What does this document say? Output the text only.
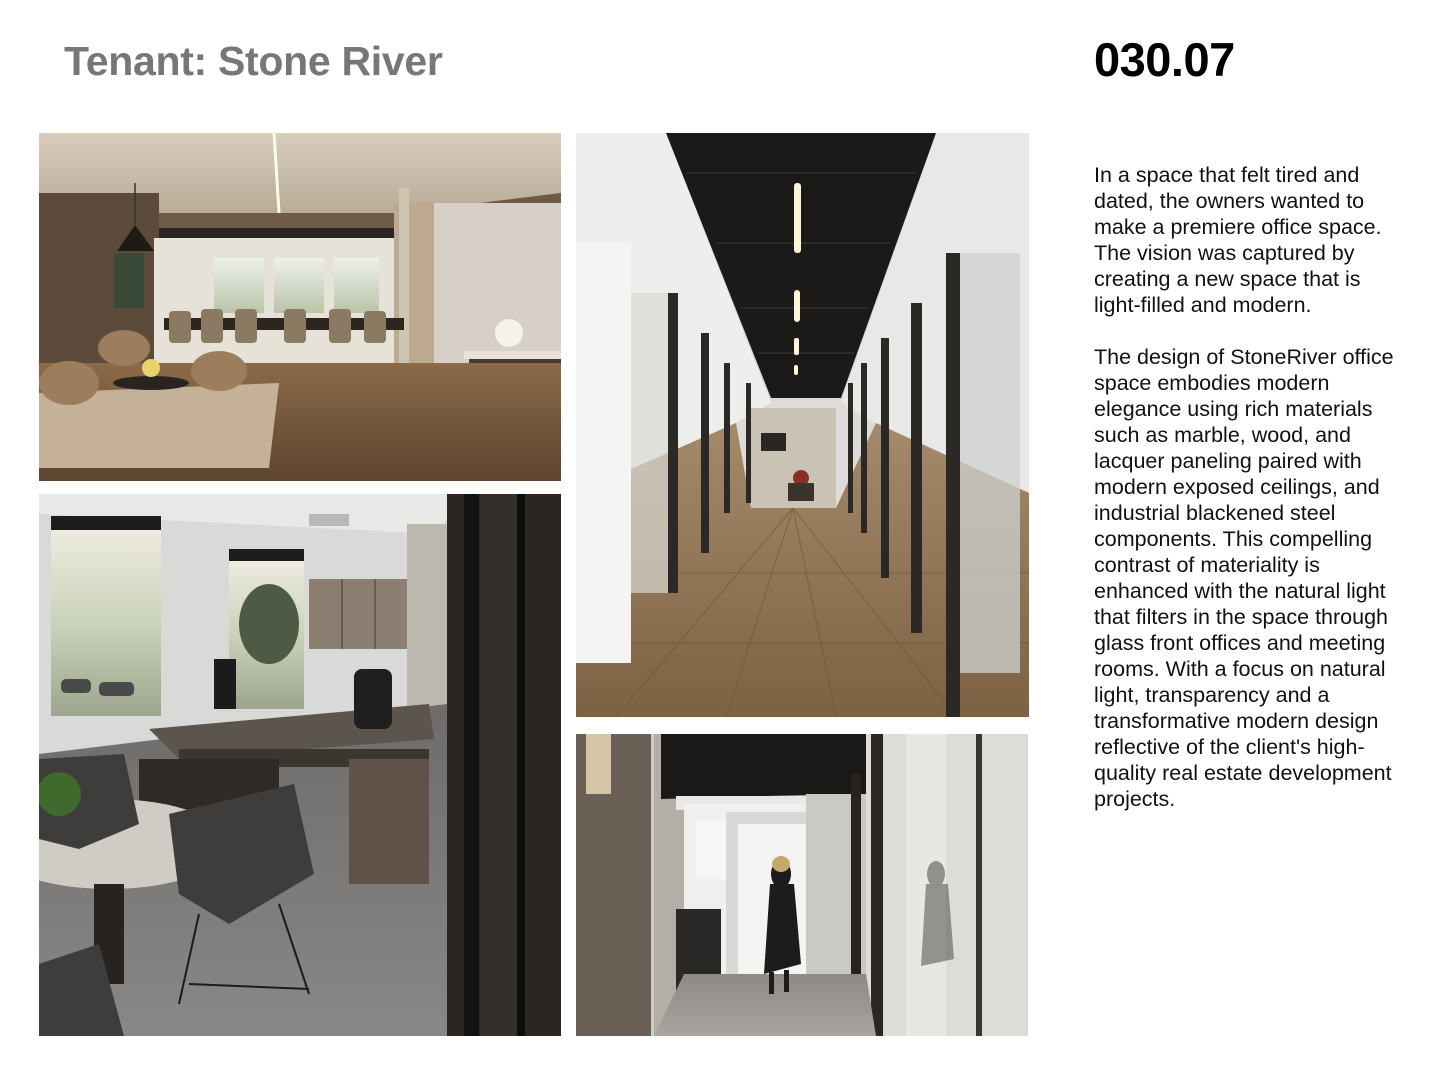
Tenant: Stone River	030.07

In a space that felt tired and dated, the owners wanted to make a premiere office space. The vision was captured by creating a new space that is light-filled and modern.

The design of StoneRiver office space embodies modern elegance using rich materials such as marble, wood, and lacquer paneling paired with modern exposed ceilings, and industrial blackened steel components. This compelling contrast of materiality is enhanced with the natural light that filters in the space through glass front offices and meeting rooms. With a focus on natural light, transparency and a transformative modern design reflective of the client's high-quality real estate development projects.
